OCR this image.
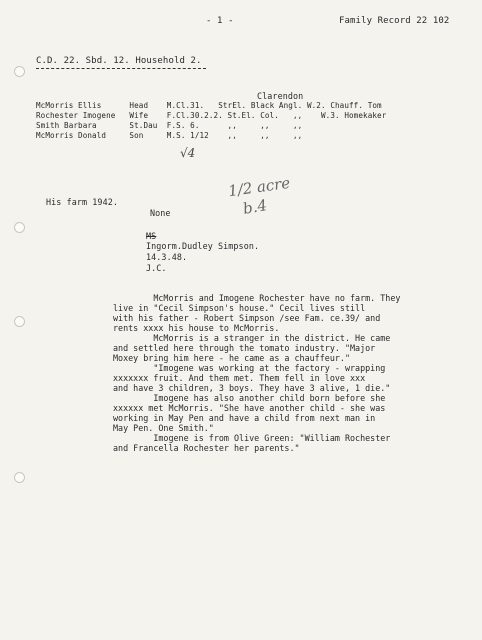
- 1 -	Family Record 22 102
C.D. 22. Sbd. 12. Household 2.
Clarendon
McMorris Ellis      Head    M.Cl.31.   StrEl. Black Angl. W.2. Chauff. Tom
Rochester Imogene   Wife    F.Cl.30.2.2. St.El. Col.   ,,    W.3. Homekaker
Smith Barbara       St.Dau  F.S. 6.      ,,     ,,     ,,
McMorris Donald     Son     M.S. 1/12    ,,     ,,     ,,
√4
His farm 1942.
None
1/2 acre
b.4
MS
Ingorm.Dudley Simpson.
14.3.48.
J.C.
McMorris and Imogene Rochester have no farm. They
live in "Cecil Simpson's house." Cecil lives still
with his father - Robert Simpson /see Fam. ce.39/ and
rents xxxx his house to McMorris.
McMorris is a stranger in the district. He came
and settled here through the tomato industry. "Major
Moxey bring him here - he came as a chauffeur."
"Imogene was working at the factory - wrapping
xxxxxxx fruit. And them met. Them fell in love xxx
and have 3 children, 3 boys. They have 3 alive, 1 die."
Imogene has also another child born before she
xxxxxx met McMorris. "She have another child - she was
working in May Pen and have a child from next man in
May Pen. One Smith."
Imogene is from Olive Green: "William Rochester
and Francella Rochester her parents."
